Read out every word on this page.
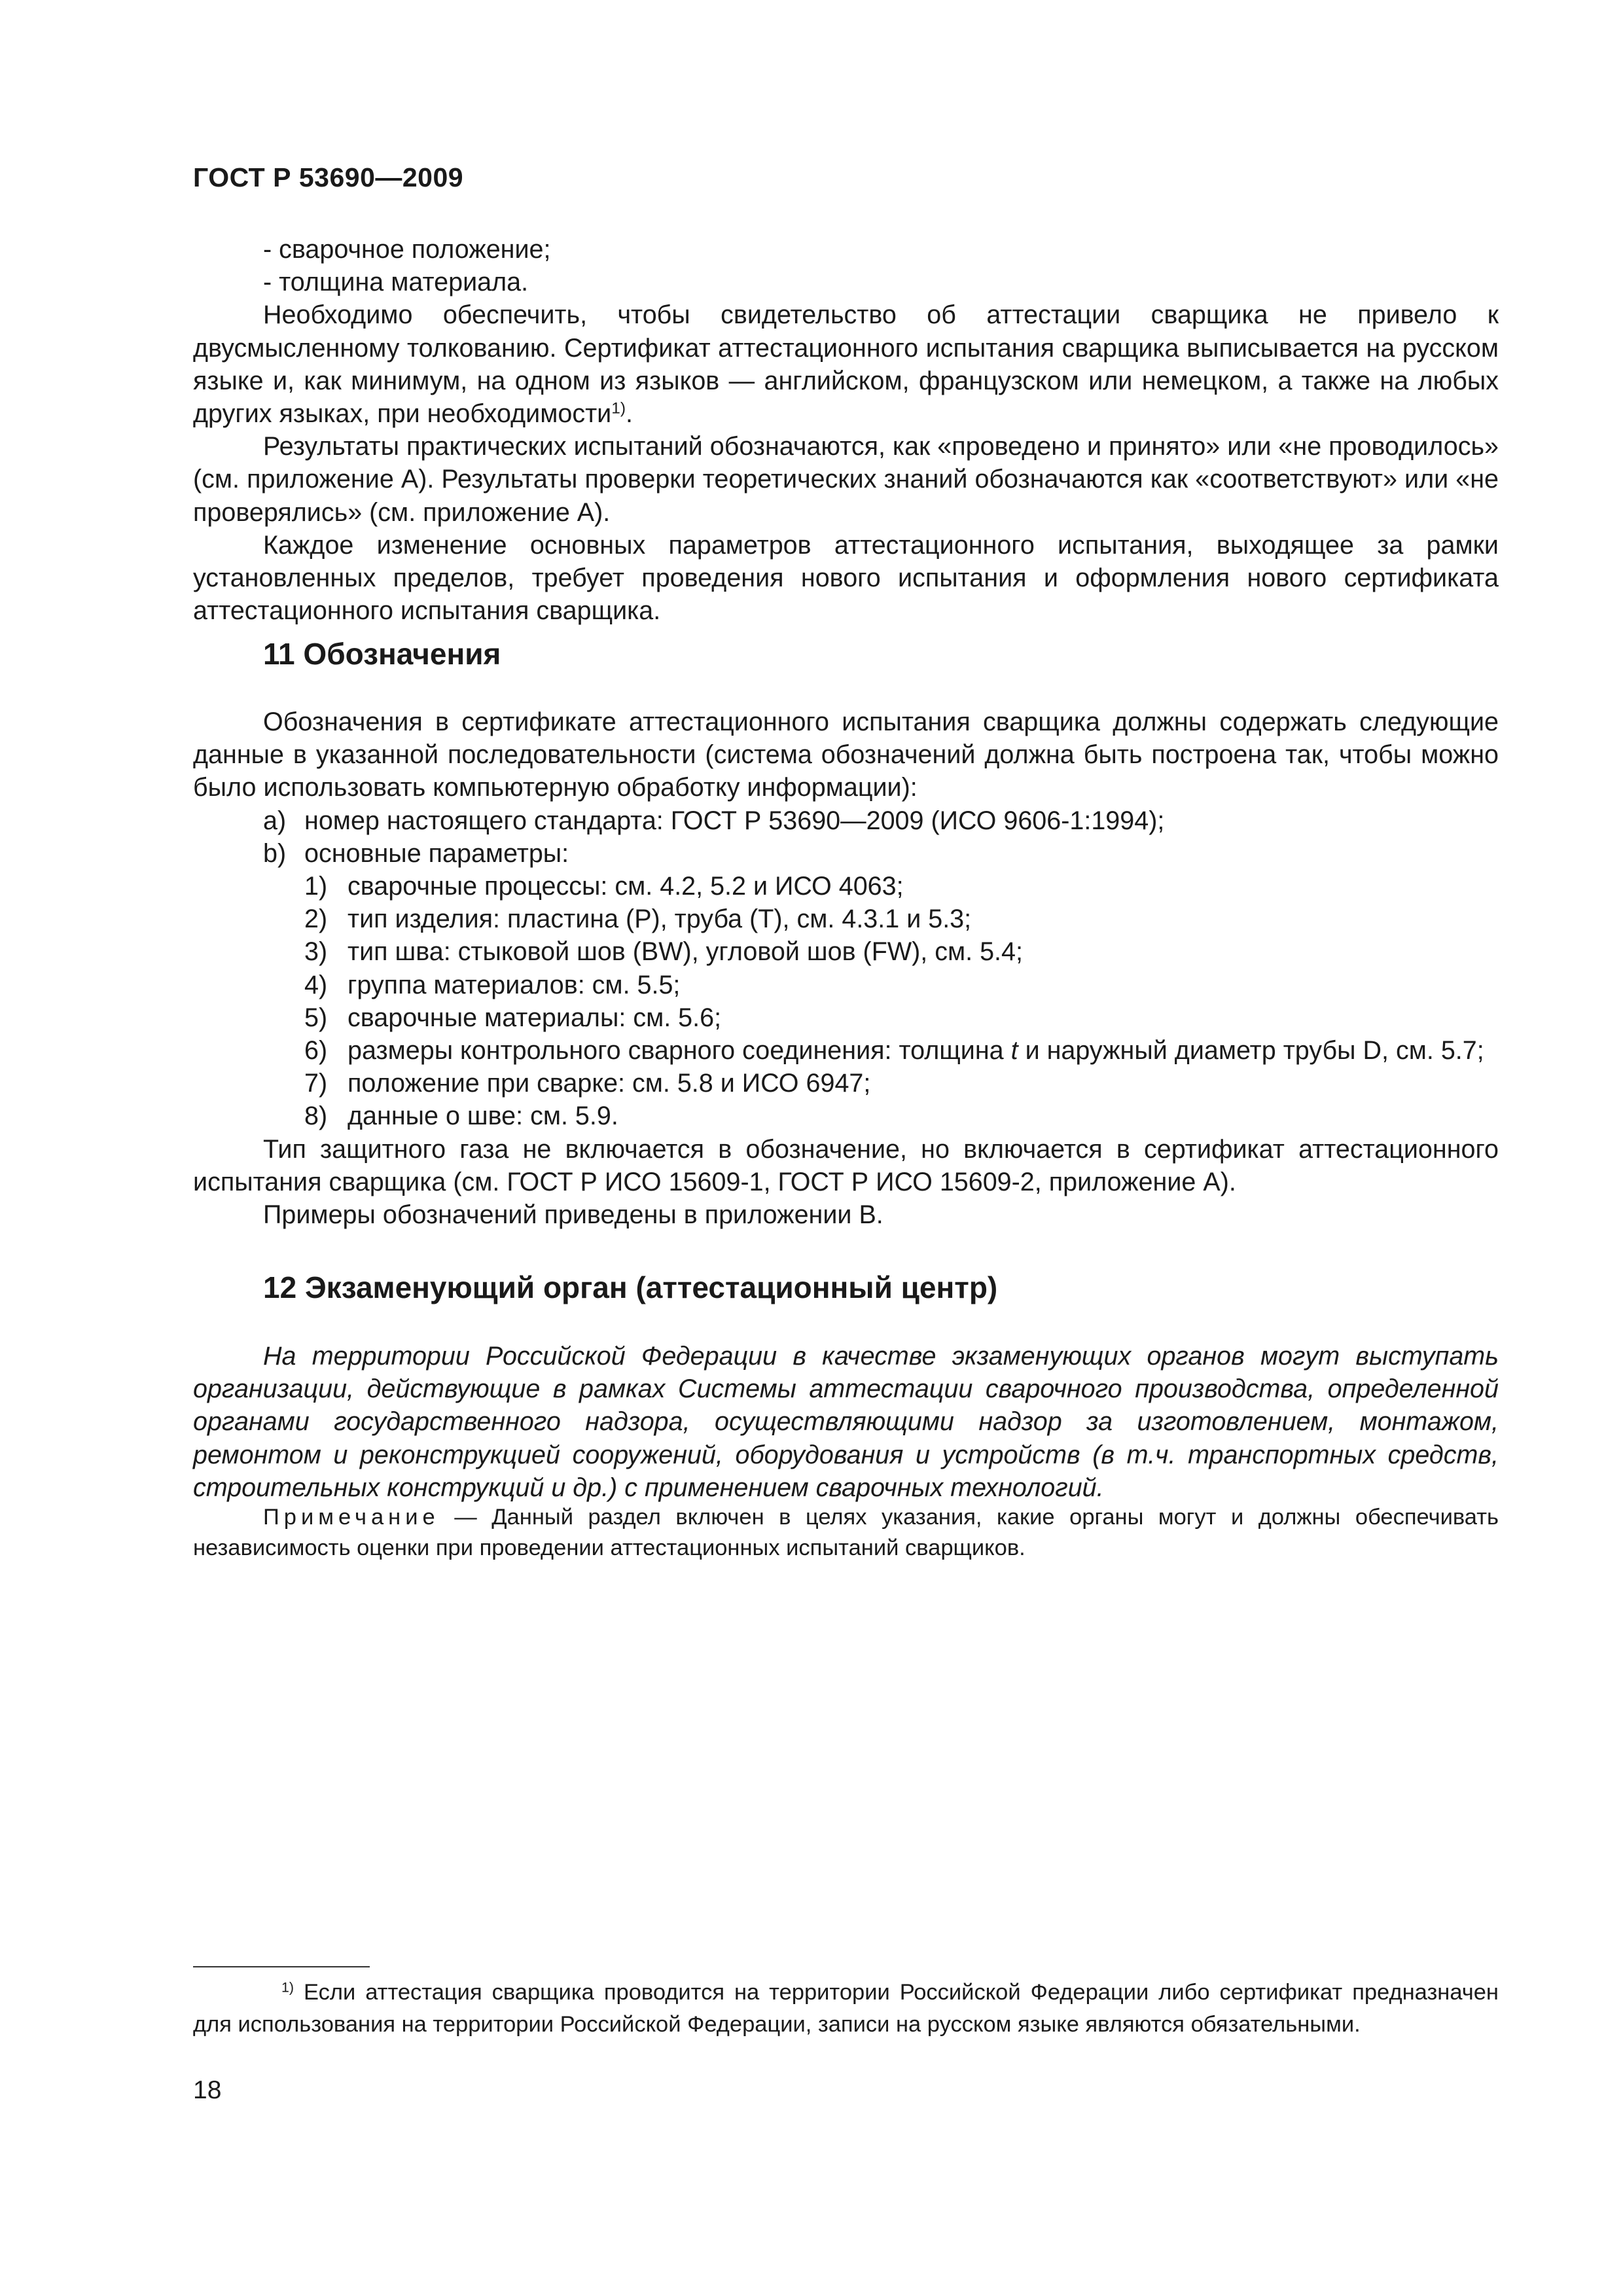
ГОСТ Р 53690—2009

- сварочное положение;

- толщина материала.

Необходимо обеспечить, чтобы свидетельство об аттестации сварщика не привело к двусмысленному толкованию. Сертификат аттестационного испытания сварщика выписывается на русском языке и, как минимум, на одном из языков — английском, французском или немецком, а также на любых других языках, при необходимости$^{1)}$.

Результаты практических испытаний обозначаются, как «проведено и принято» или «не проводилось» (см. приложение А). Результаты проверки теоретических знаний обозначаются как «соответствуют» или «не проверялись» (см. приложение А).

Каждое изменение основных параметров аттестационного испытания, выходящее за рамки установленных пределов, требует проведения нового испытания и оформления нового сертификата аттестационного испытания сварщика.

11 Обозначения

Обозначения в сертификате аттестационного испытания сварщика должны содержать следующие данные в указанной последовательности (система обозначений должна быть построена так, чтобы можно было использовать компьютерную обработку информации):

а) номер настоящего стандарта: ГОСТ Р 53690—2009 (ИСО 9606-1:1994);

b) основные параметры:

1) сварочные процессы: см. 4.2, 5.2 и ИСО 4063;

2) тип изделия: пластина (Р), труба (Т), см. 4.3.1 и 5.3;

3) тип шва: стыковой шов (BW), угловой шов (FW), см. 5.4;

4) группа материалов: см. 5.5;

5) сварочные материалы: см. 5.6;

6) размеры контрольного сварного соединения: толщина t и наружный диаметр трубы D, см. 5.7;

7) положение при сварке: см. 5.8 и ИСО 6947;

8) данные о шве: см. 5.9.

Тип защитного газа не включается в обозначение, но включается в сертификат аттестационного испытания сварщика (см. ГОСТ Р ИСО 15609-1, ГОСТ Р ИСО 15609-2, приложение А).

Примеры обозначений приведены в приложении В.

12 Экзаменующий орган (аттестационный центр)

На территории Российской Федерации в качестве экзаменующих органов могут выступать организации, действующие в рамках Системы аттестации сварочного производства, определенной органами государственного надзора, осуществляющими надзор за изготовлением, монтажом, ремонтом и реконструкцией сооружений, оборудования и устройств (в т.ч. транспортных средств, строительных конструкций и др.) с применением сварочных технологий.

Примечание — Данный раздел включен в целях указания, какие органы могут и должны обеспечивать независимость оценки при проведении аттестационных испытаний сварщиков.

$^{1)}$ Если аттестация сварщика проводится на территории Российской Федерации либо сертификат предназначен для использования на территории Российской Федерации, записи на русском языке являются обязательными.

18
